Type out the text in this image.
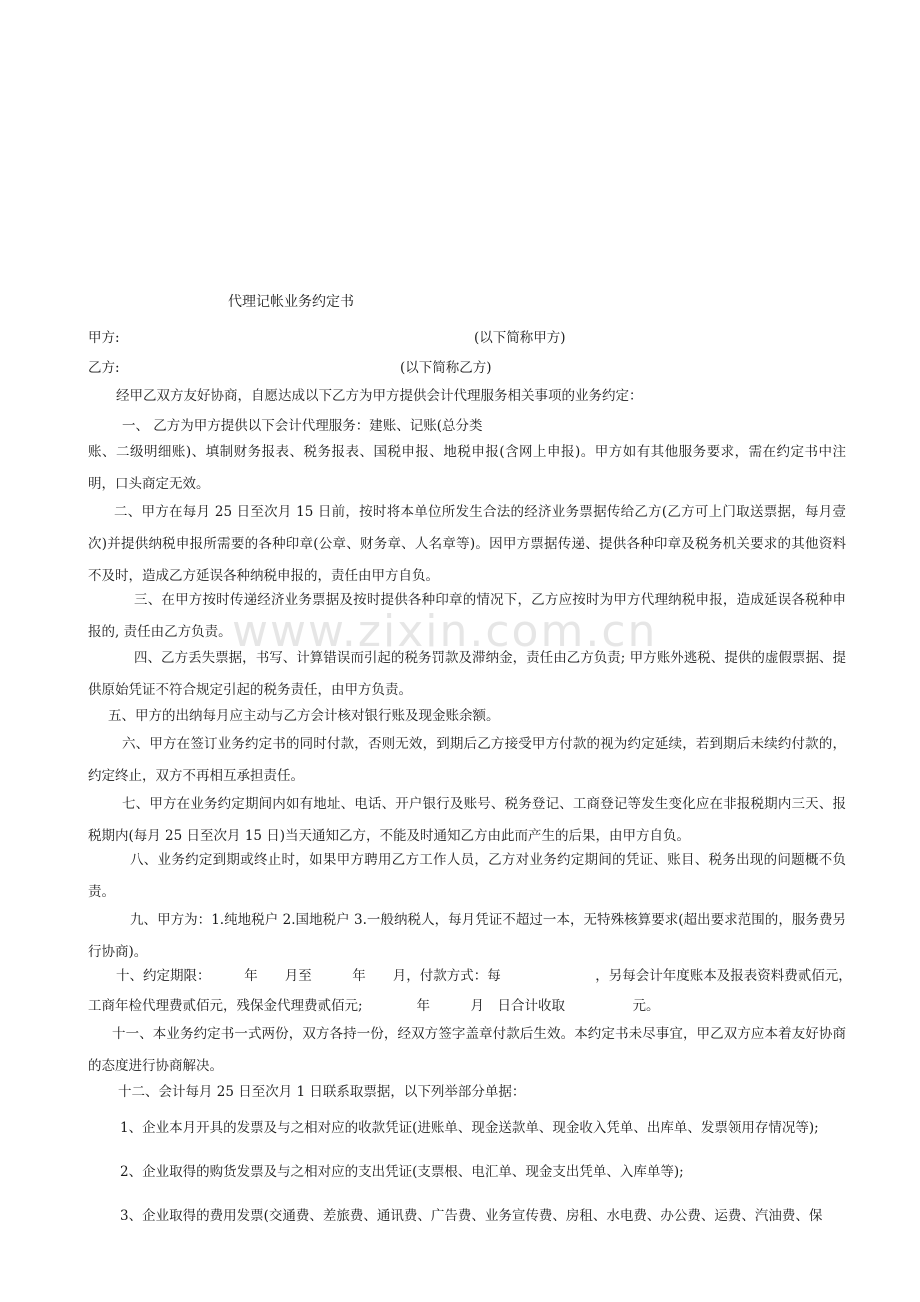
代理记帐业务约定书
甲方:	(以下简称甲方)
乙方:	(以下简称乙方)
经甲乙双方友好协商，自愿达成以下乙方为甲方提供会计代理服务相关事项的业务约定：
一、 乙方为甲方提供以下会计代理服务：建账、记账(总分类
账、二级明细账)、填制财务报表、税务报表、国税申报、地税申报(含网上申报)。甲方如有其他服务要求，需在约定书中注明，口头商定无效。
二、甲方在每月 25 日至次月 15 日前，按时将本单位所发生合法的经济业务票据传给乙方(乙方可上门取送票据，每月壹次)并提供纳税申报所需要的各种印章(公章、财务章、人名章等)。因甲方票据传递、提供各种印章及税务机关要求的其他资料不及时，造成乙方延误各种纳税申报的，责任由甲方自负。
三、在甲方按时传递经济业务票据及按时提供各种印章的情况下，乙方应按时为甲方代理纳税申报，造成延误各税种申报的, 责任由乙方负责。
四、乙方丢失票据，书写、计算错误而引起的税务罚款及滞纳金，责任由乙方负责; 甲方账外逃税、提供的虚假票据、提供原始凭证不符合规定引起的税务责任，由甲方负责。
五、甲方的出纳每月应主动与乙方会计核对银行账及现金账余额。
六、甲方在签订业务约定书的同时付款，否则无效，到期后乙方接受甲方付款的视为约定延续，若到期后未续约付款的，约定终止，双方不再相互承担责任。
七、甲方在业务约定期间内如有地址、电话、开户银行及账号、税务登记、工商登记等发生变化应在非报税期内三天、报税期内(每月 25 日至次月 15 日)当天通知乙方，不能及时通知乙方由此而产生的后果，由甲方自负。
八、业务约定到期或终止时，如果甲方聘用乙方工作人员，乙方对业务约定期间的凭证、账目、税务出现的问题概不负责。
九、甲方为：1.纯地税户 2.国地税户 3.一般纳税人，每月凭证不超过一本，无特殊核算要求(超出要求范围的，服务费另行协商)。
十、约定期限：　　　年　　月至　　　年　　月，付款方式：每　　　　　　　，另每会计年度账本及报表资料费贰佰元，
工商年检代理费贰佰元，残保金代理费贰佰元;　　　　年　　　月　日合计收取　　　　　元。
十一、本业务约定书一式两份，双方各持一份，经双方签字盖章付款后生效。本约定书未尽事宜，甲乙双方应本着友好协商的态度进行协商解决。
十二、会计每月 25 日至次月 1 日联系取票据，以下列举部分单据：
1、企业本月开具的发票及与之相对应的收款凭证(进账单、现金送款单、现金收入凭单、出库单、发票领用存情况等);
2、企业取得的购货发票及与之相对应的支出凭证(支票根、电汇单、现金支出凭单、入库单等);
3、企业取得的费用发票(交通费、差旅费、通讯费、广告费、业务宣传费、房租、水电费、办公费、运费、汽油费、保
www.zixin.com.cn
